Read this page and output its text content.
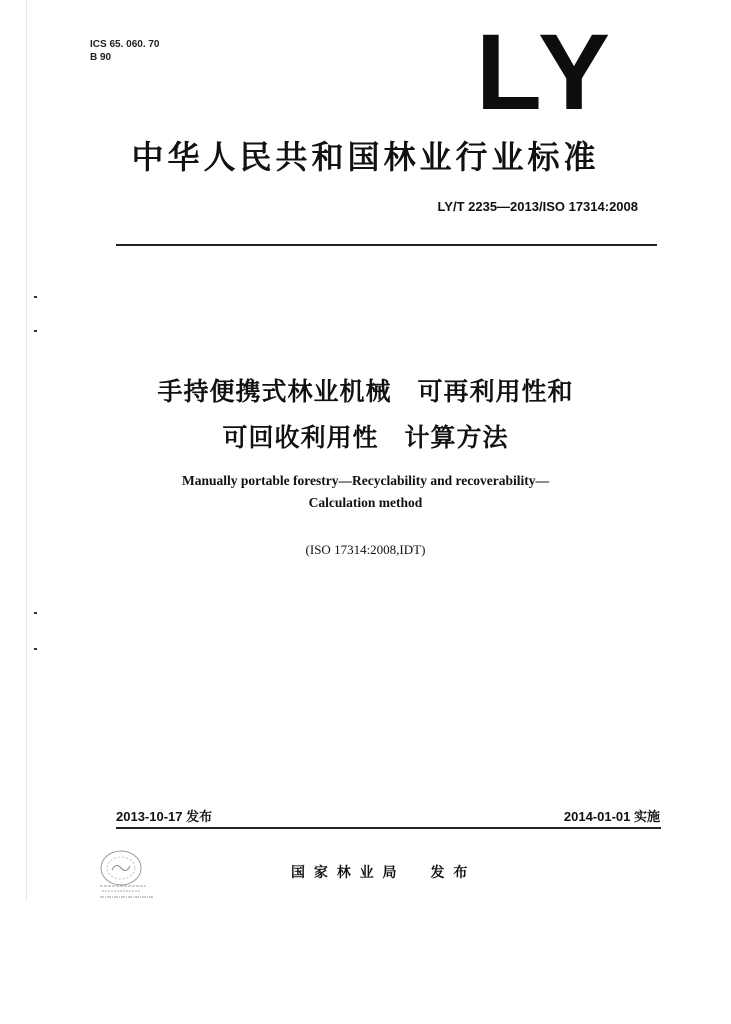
ICS 65. 060. 70
B 90	LY
中华人民共和国林业行业标准
LY/T 2235—2013/ISO 17314:2008
手持便携式林业机械　可再利用性和
可回收利用性　计算方法
Manually portable forestry—Recyclability and recoverability—
Calculation method
(ISO 17314:2008,IDT)
2013-10-17 发布	2014-01-01 实施
国 家 林 业 局　　发 布
